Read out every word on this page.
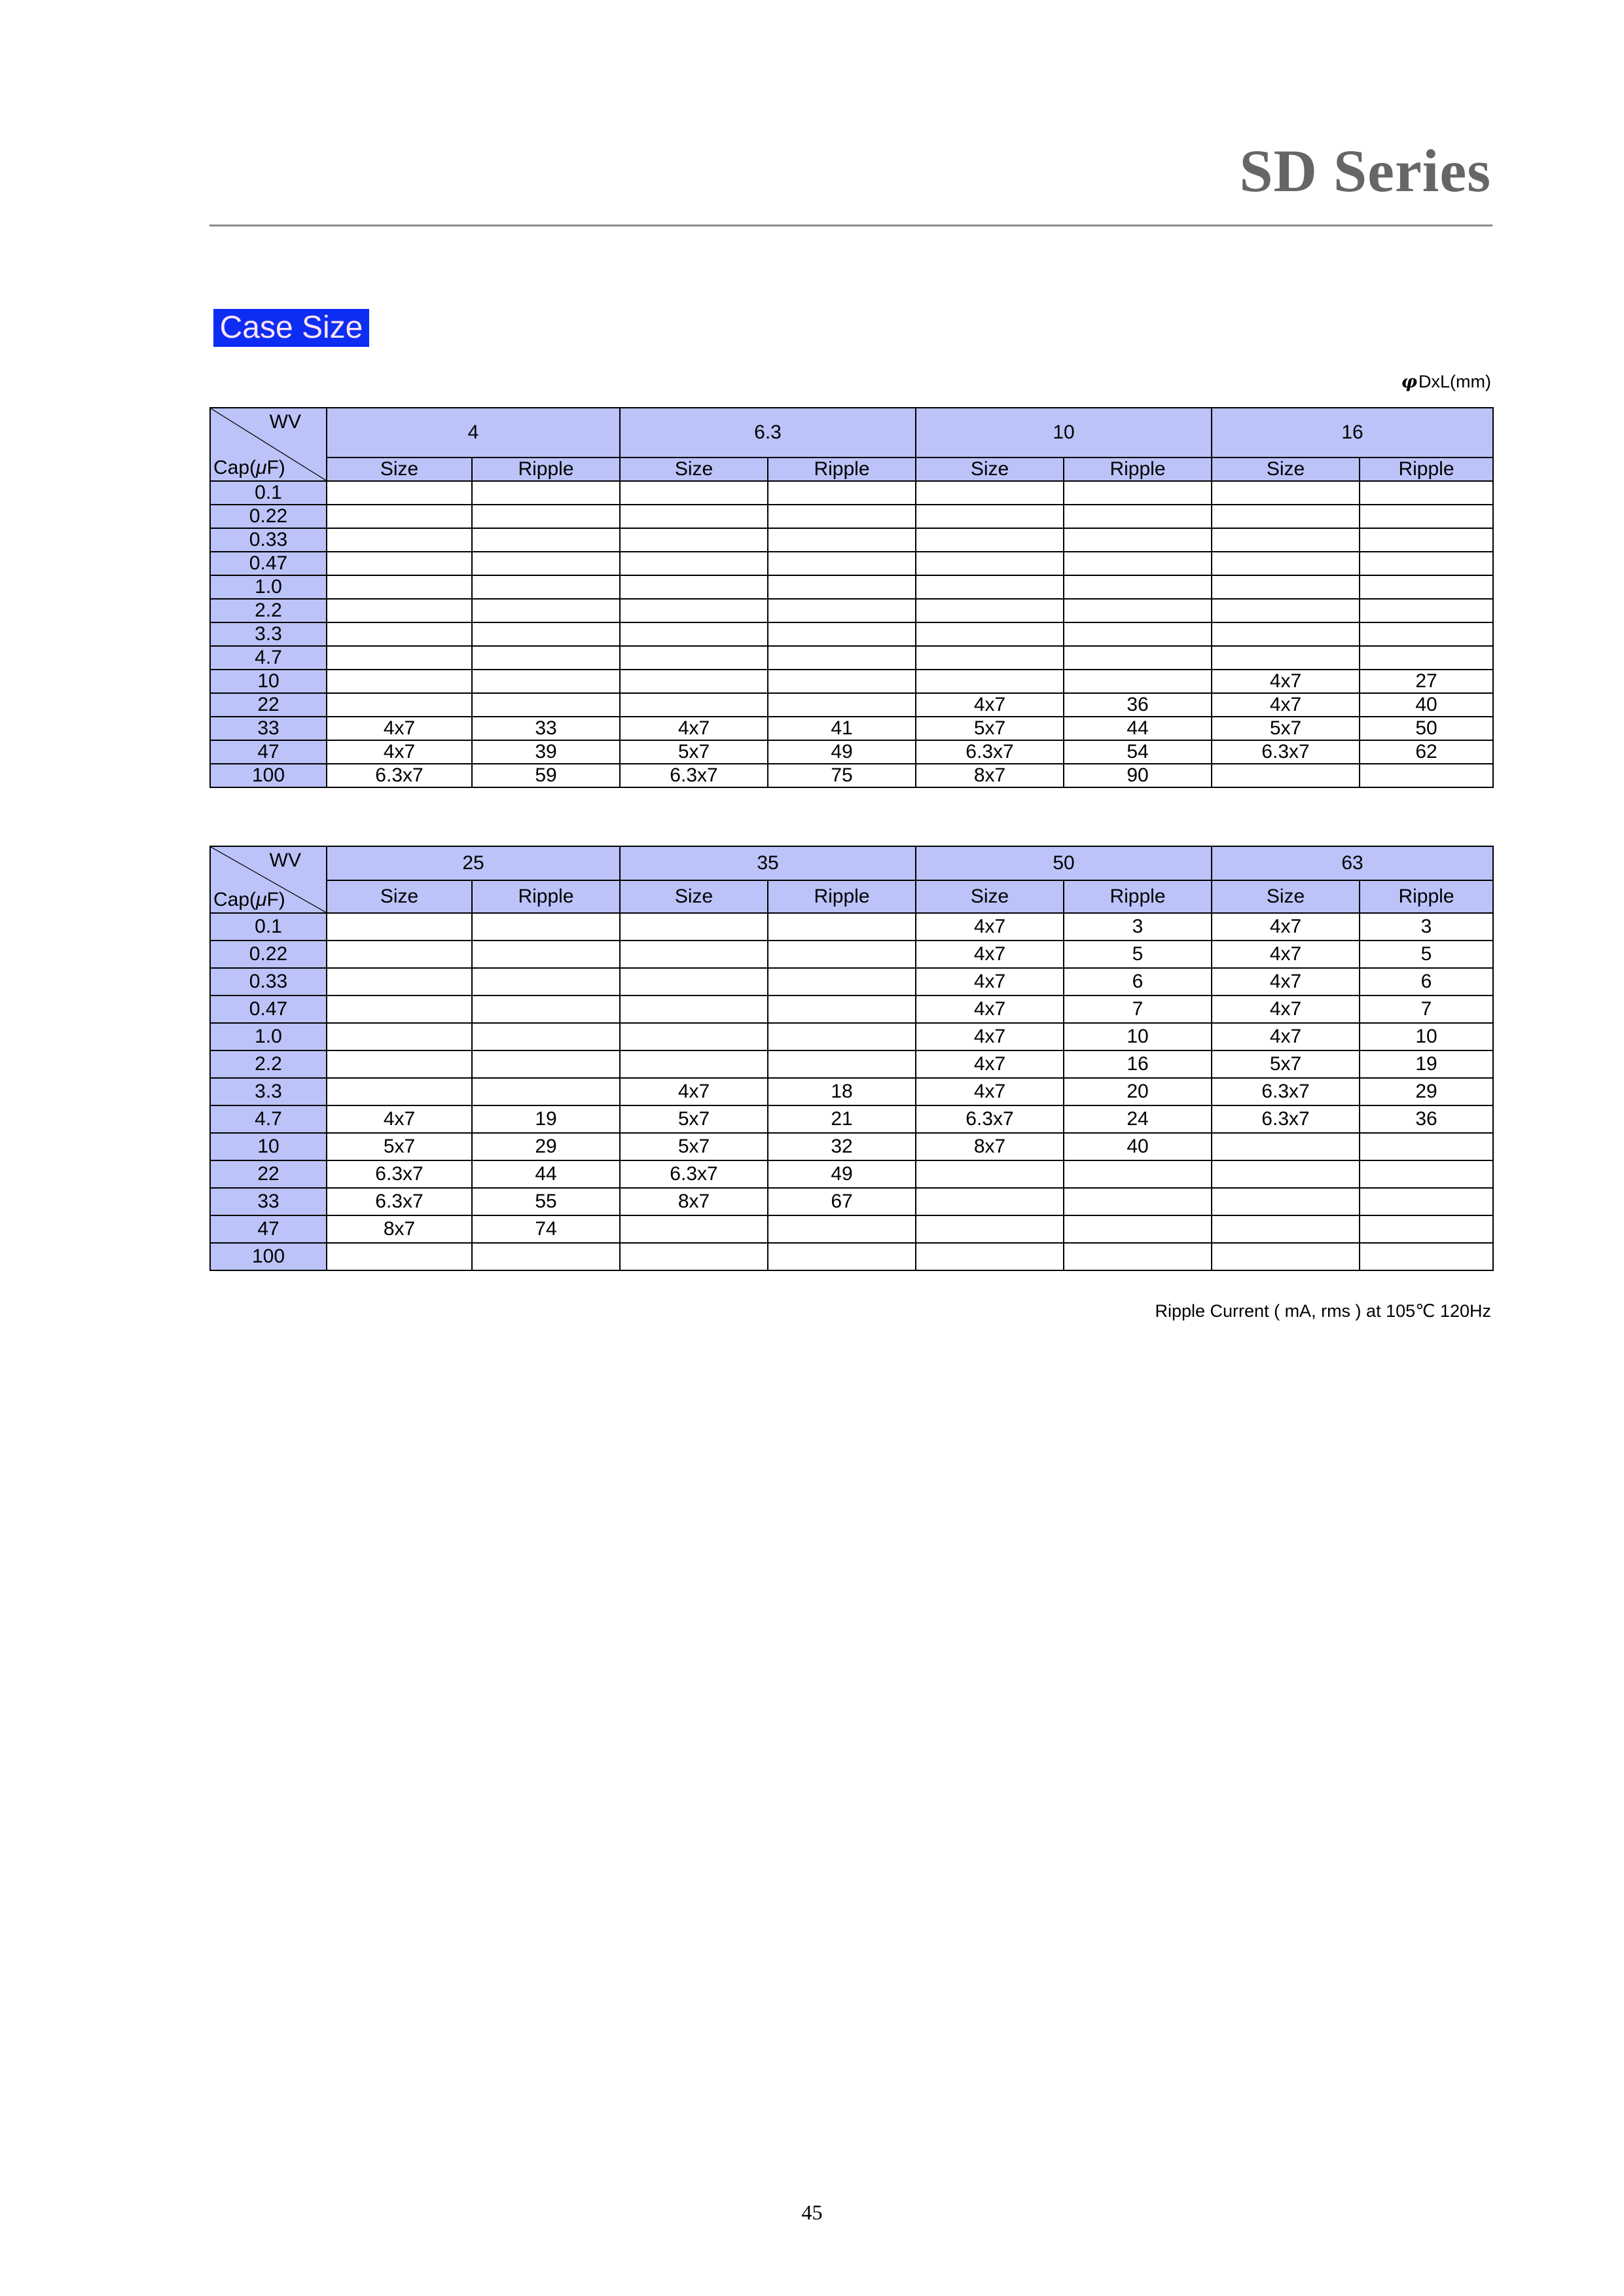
SD Series
Case Size
φDxL(mm)
WV
Cap(μF)	4		6.3		10		16	
	Size	Ripple	Size	Ripple	Size	Ripple	Size	Ripple
0.1								
0.22								
0.33								
0.47								
1.0								
2.2								
3.3								
4.7								
10							4x7	27
22					4x7	36	4x7	40
33	4x7	33	4x7	41	5x7	44	5x7	50
47	4x7	39	5x7	49	6.3x7	54	6.3x7	62
100	6.3x7	59	6.3x7	75	8x7	90		
WV
Cap(μF)	25		35		50		63	
	Size	Ripple	Size	Ripple	Size	Ripple	Size	Ripple
0.1					4x7	3	4x7	3
0.22					4x7	5	4x7	5
0.33					4x7	6	4x7	6
0.47					4x7	7	4x7	7
1.0					4x7	10	4x7	10
2.2					4x7	16	5x7	19
3.3			4x7	18	4x7	20	6.3x7	29
4.7	4x7	19	5x7	21	6.3x7	24	6.3x7	36
10	5x7	29	5x7	32	8x7	40		
22	6.3x7	44	6.3x7	49				
33	6.3x7	55	8x7	67				
47	8x7	74						
100								
Ripple Current ( mA, rms ) at 105℃ 120Hz
45
